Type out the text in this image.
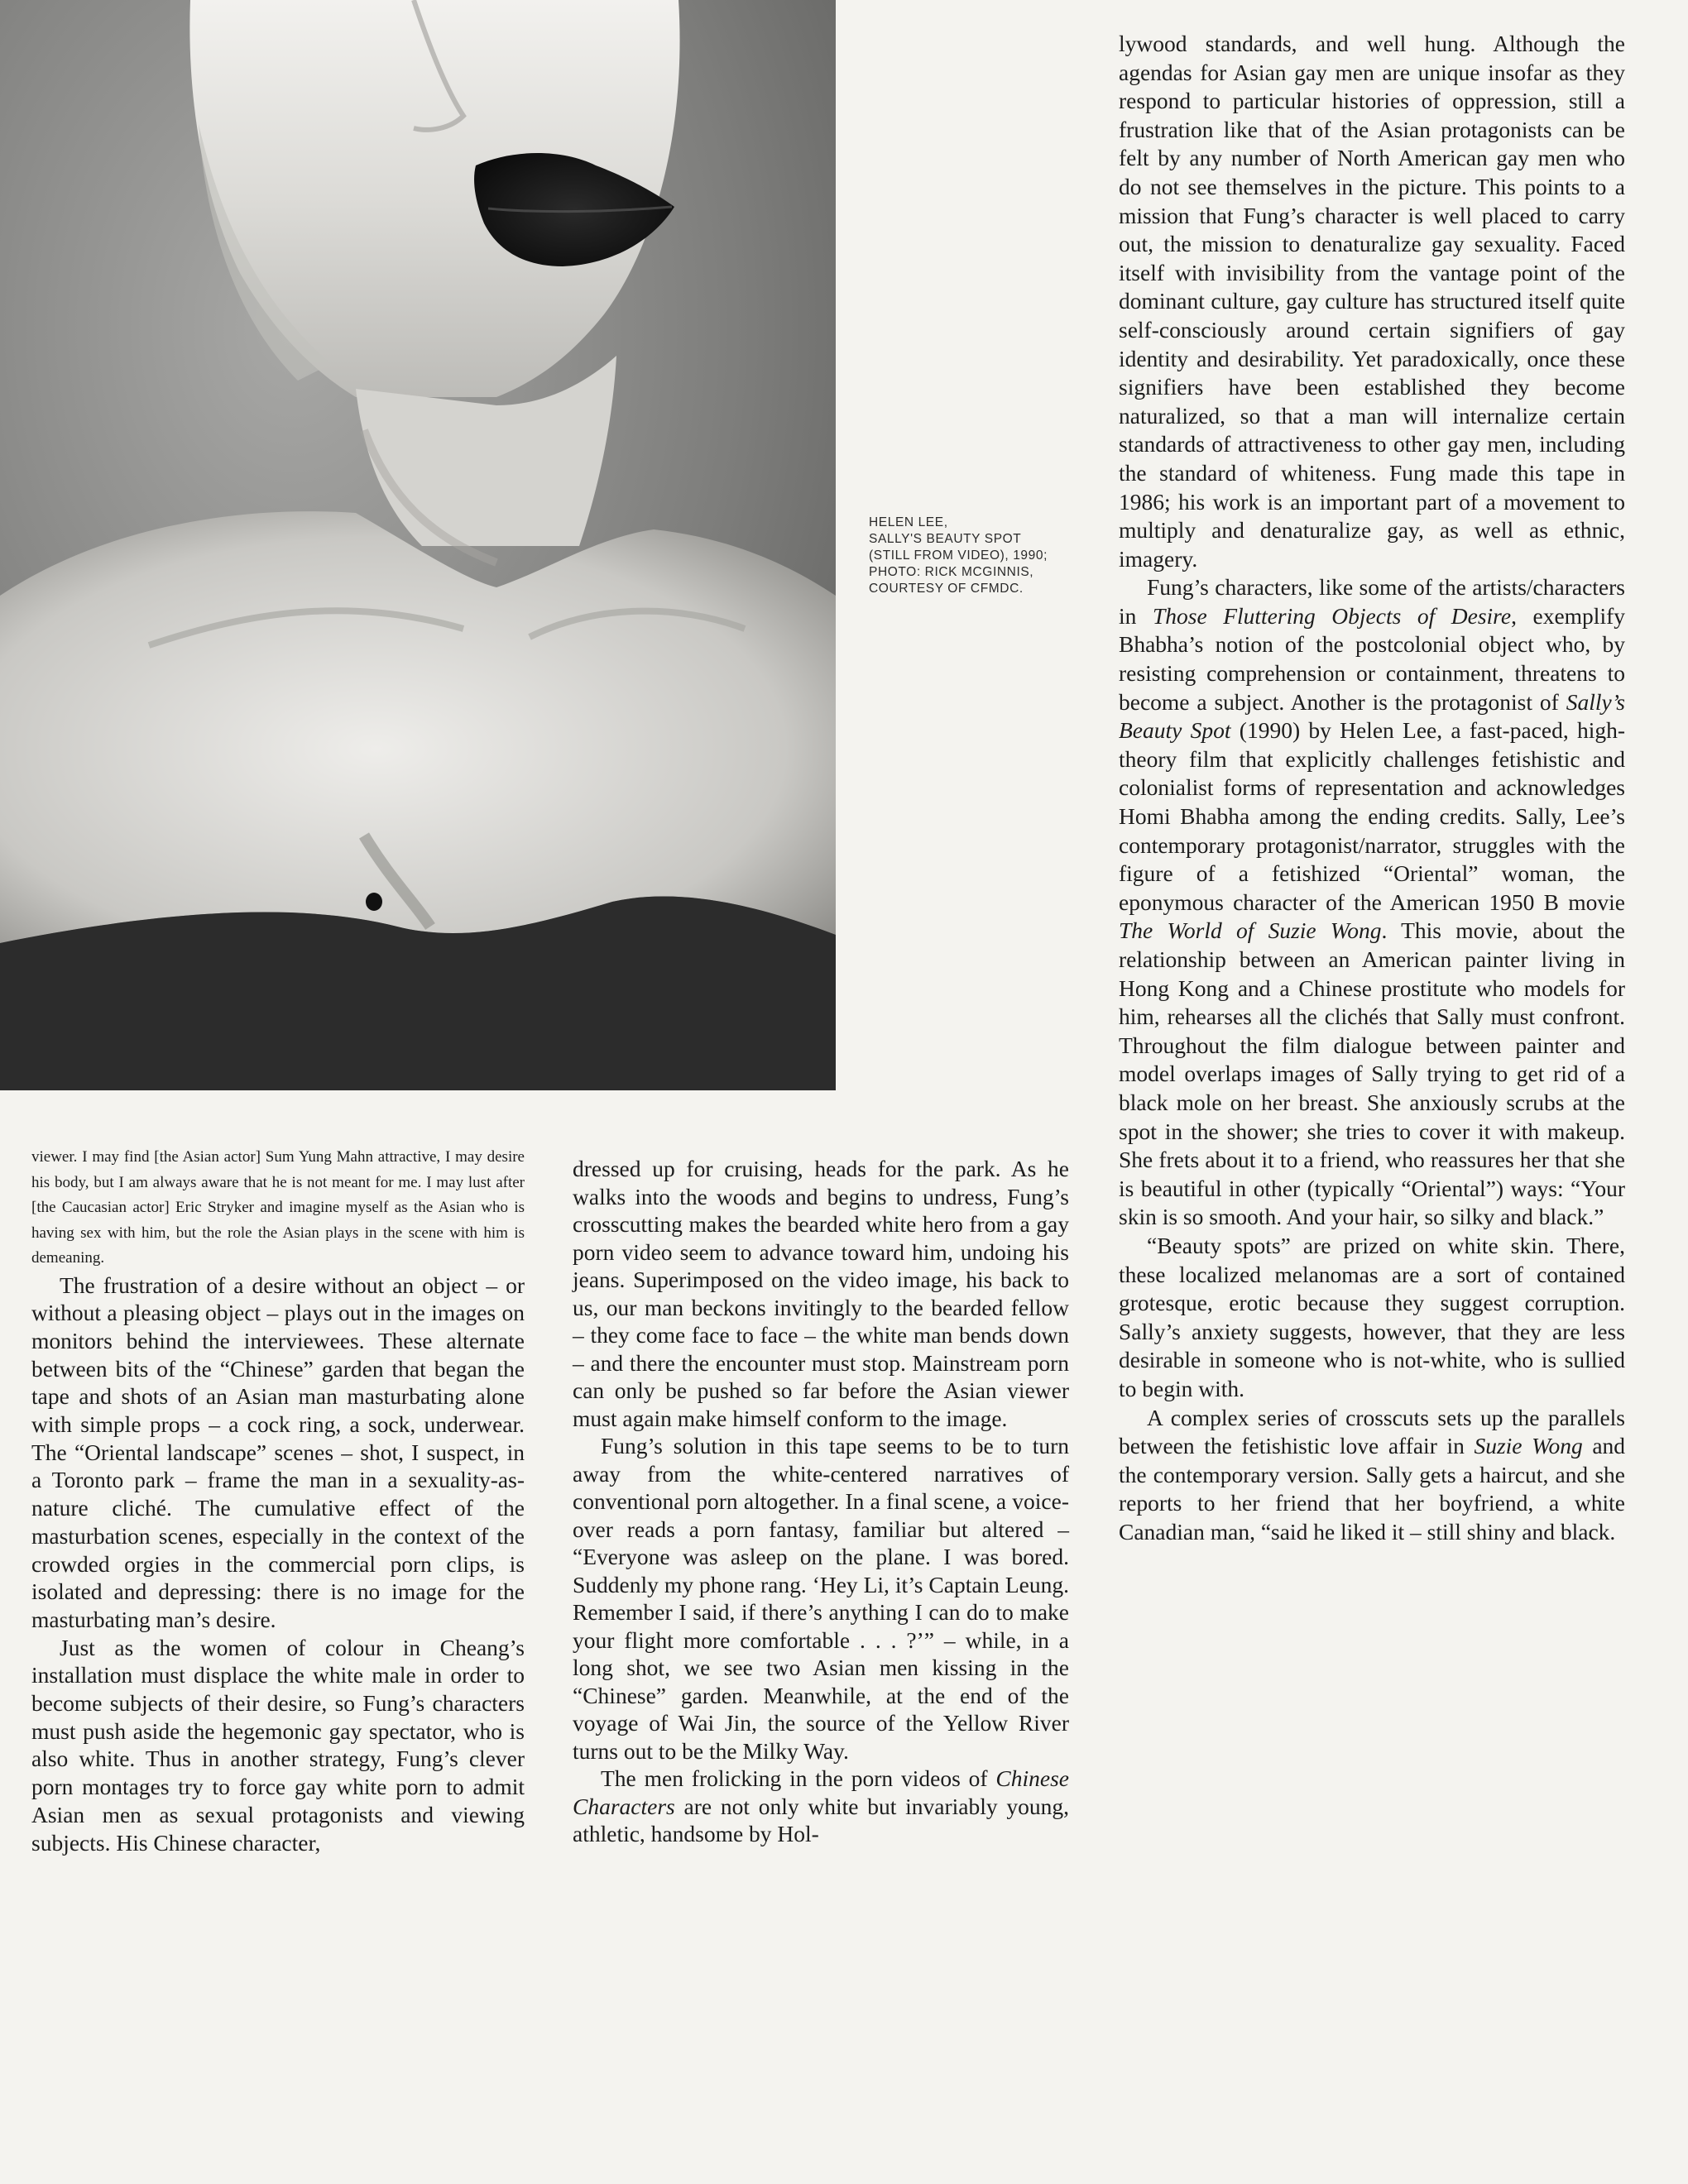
HELEN LEE,
SALLY'S BEAUTY SPOT
(STILL FROM VIDEO), 1990;
PHOTO: RICK MCGINNIS,
COURTESY OF CFMDC.

lywood standards, and well hung. Although the agendas for Asian gay men are unique insofar as they respond to particular histories of oppression, still a frustration like that of the Asian protagonists can be felt by any number of North American gay men who do not see themselves in the picture. This points to a mission that Fung’s character is well placed to carry out, the mission to denaturalize gay sexuality. Faced itself with invisibility from the vantage point of the dominant culture, gay culture has structured itself quite self-consciously around certain signifiers of gay identity and desirability. Yet paradoxically, once these signifiers have been established they become naturalized, so that a man will internalize certain standards of attractiveness to other gay men, including the standard of whiteness. Fung made this tape in 1986; his work is an important part of a movement to multiply and denaturalize gay, as well as ethnic, imagery.

Fung’s characters, like some of the artists/characters in Those Fluttering Objects of Desire, exemplify Bhabha’s notion of the postcolonial object who, by resisting comprehension or containment, threatens to become a subject. Another is the protagonist of Sally’s Beauty Spot (1990) by Helen Lee, a fast-paced, high-theory film that explicitly challenges fetishistic and colonialist forms of representation and acknowledges Homi Bhabha among the ending credits. Sally, Lee’s contemporary protagonist/narrator, struggles with the figure of a fetishized “Oriental” woman, the eponymous character of the American 1950 B movie The World of Suzie Wong. This movie, about the relationship between an American painter living in Hong Kong and a Chinese prostitute who models for him, rehearses all the clichés that Sally must confront. Throughout the film dialogue between painter and model overlaps images of Sally trying to get rid of a black mole on her breast. She anxiously scrubs at the spot in the shower; she tries to cover it with makeup. She frets about it to a friend, who reassures her that she is beautiful in other (typically “Oriental”) ways: “Your skin is so smooth. And your hair, so silky and black.”

“Beauty spots” are prized on white skin. There, these localized melanomas are a sort of contained grotesque, erotic because they suggest corruption. Sally’s anxiety suggests, however, that they are less desirable in someone who is not-white, who is sullied to begin with.

A complex series of crosscuts sets up the parallels between the fetishistic love affair in Suzie Wong and the contemporary version. Sally gets a haircut, and she reports to her friend that her boyfriend, a white Canadian man, “said he liked it – still shiny and black.

viewer. I may find [the Asian actor] Sum Yung Mahn attractive, I may desire his body, but I am always aware that he is not meant for me. I may lust after [the Caucasian actor] Eric Stryker and imagine myself as the Asian who is having sex with him, but the role the Asian plays in the scene with him is demeaning.

The frustration of a desire without an object – or without a pleasing object – plays out in the images on monitors behind the interviewees. These alternate between bits of the “Chinese” garden that began the tape and shots of an Asian man masturbating alone with simple props – a cock ring, a sock, underwear. The “Oriental landscape” scenes – shot, I suspect, in a Toronto park – frame the man in a sexuality-as-nature cliché. The cumulative effect of the masturbation scenes, especially in the context of the crowded orgies in the commercial porn clips, is isolated and depressing: there is no image for the masturbating man’s desire.

Just as the women of colour in Cheang’s installation must displace the white male in order to become subjects of their desire, so Fung’s characters must push aside the hegemonic gay spectator, who is also white. Thus in another strategy, Fung’s clever porn montages try to force gay white porn to admit Asian men as sexual protagonists and viewing subjects. His Chinese character,

dressed up for cruising, heads for the park. As he walks into the woods and begins to undress, Fung’s crosscutting makes the bearded white hero from a gay porn video seem to advance toward him, undoing his jeans. Superimposed on the video image, his back to us, our man beckons invitingly to the bearded fellow – they come face to face – the white man bends down – and there the encounter must stop. Mainstream porn can only be pushed so far before the Asian viewer must again make himself conform to the image.

Fung’s solution in this tape seems to be to turn away from the white-centered narratives of conventional porn altogether. In a final scene, a voice-over reads a porn fantasy, familiar but altered – “Everyone was asleep on the plane. I was bored. Suddenly my phone rang. ‘Hey Li, it’s Captain Leung. Remember I said, if there’s anything I can do to make your flight more comfortable . . . ?’” – while, in a long shot, we see two Asian men kissing in the “Chinese” garden. Meanwhile, at the end of the voyage of Wai Jin, the source of the Yellow River turns out to be the Milky Way.

The men frolicking in the porn videos of Chinese Characters are not only white but invariably young, athletic, handsome by Hol-
